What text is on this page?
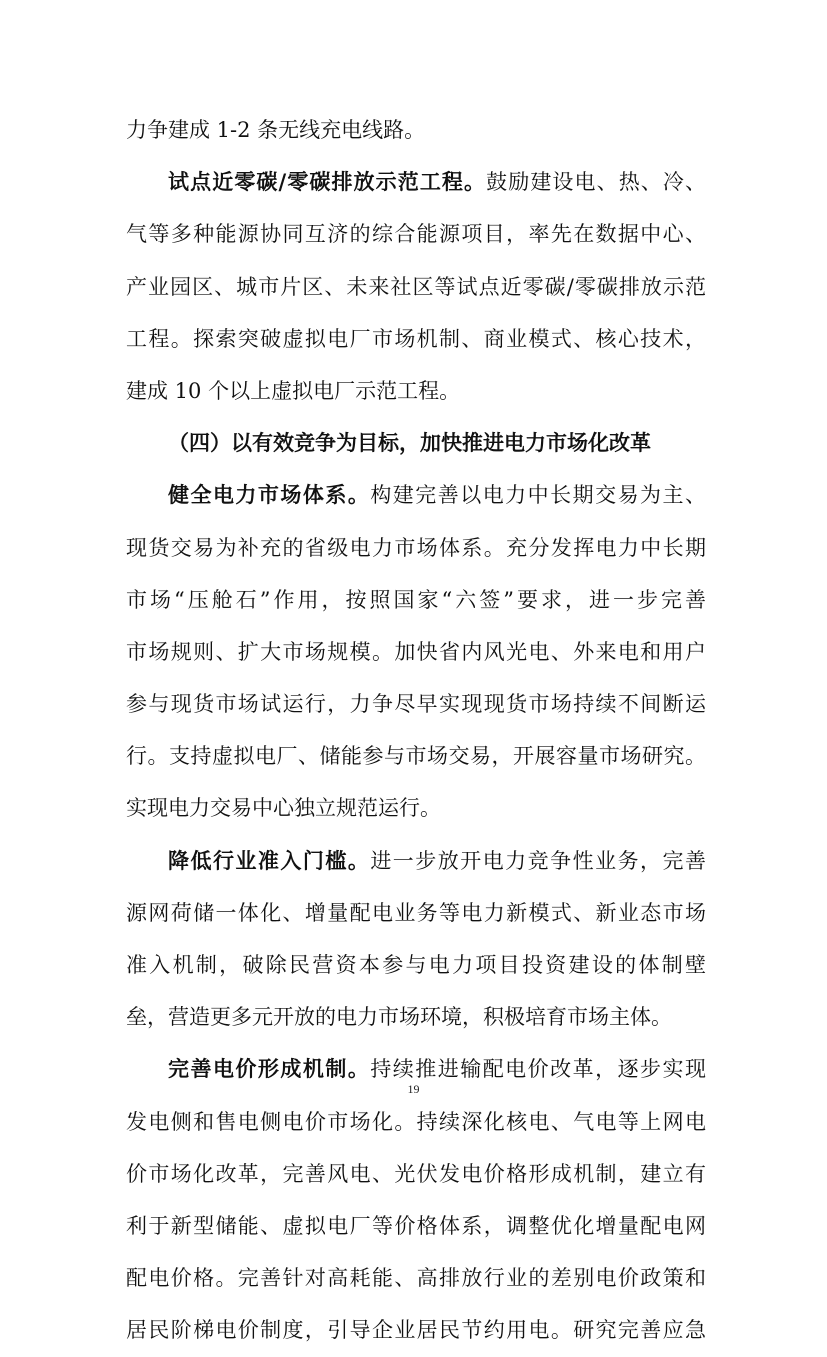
力争建成 1-2 条无线充电线路。
试点近零碳/零碳排放示范工程。鼓励建设电、热、冷、
气等多种能源协同互济的综合能源项目，率先在数据中心、
产业园区、城市片区、未来社区等试点近零碳/零碳排放示范
工程。探索突破虚拟电厂市场机制、商业模式、核心技术，
建成 10 个以上虚拟电厂示范工程。
（四）以有效竞争为目标，加快推进电力市场化改革
健全电力市场体系。构建完善以电力中长期交易为主、
现货交易为补充的省级电力市场体系。充分发挥电力中长期
市场“压舱石”作用，按照国家“六签”要求，进一步完善
市场规则、扩大市场规模。加快省内风光电、外来电和用户
参与现货市场试运行，力争尽早实现现货市场持续不间断运
行。支持虚拟电厂、储能参与市场交易，开展容量市场研究。
实现电力交易中心独立规范运行。
降低行业准入门槛。进一步放开电力竞争性业务，完善
源网荷储一体化、增量配电业务等电力新模式、新业态市场
准入机制，破除民营资本参与电力项目投资建设的体制壁
垒，营造更多元开放的电力市场环境，积极培育市场主体。
完善电价形成机制。持续推进输配电价改革，逐步实现
发电侧和售电侧电价市场化。持续深化核电、气电等上网电
价市场化改革，完善风电、光伏发电价格形成机制，建立有
利于新型储能、虚拟电厂等价格体系，调整优化增量配电网
配电价格。完善针对高耗能、高排放行业的差别电价政策和
居民阶梯电价制度，引导企业居民节约用电。研究完善应急
19
